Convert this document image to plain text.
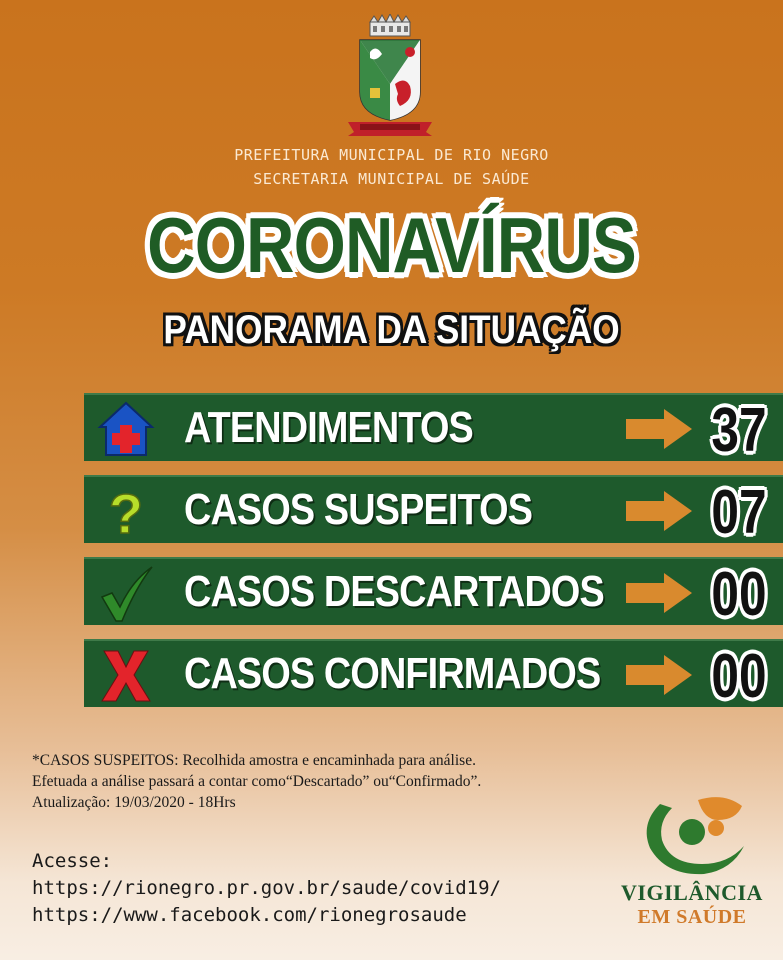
PREFEITURA MUNICIPAL DE RIO NEGRO
SECRETARIA MUNICIPAL DE SAÚDE
CORONAVÍRUS
PANORAMA DA SITUAÇÃO
ATENDIMENTOS	37
? CASOS SUSPEITOS	07
CASOS DESCARTADOS 00
CASOS CONFIRMADOS 00
*CASOS SUSPEITOS: Recolhida amostra e encaminhada para análise.
Efetuada a análise passará a contar como“Descartado” ou“Confirmado”.
Atualização: 19/03/2020 - 18Hrs
Acesse:
https://rionegro.pr.gov.br/saude/covid19/
https://www.facebook.com/rionegrosaude
VIGILÂNCIA
EM SAÚDE
